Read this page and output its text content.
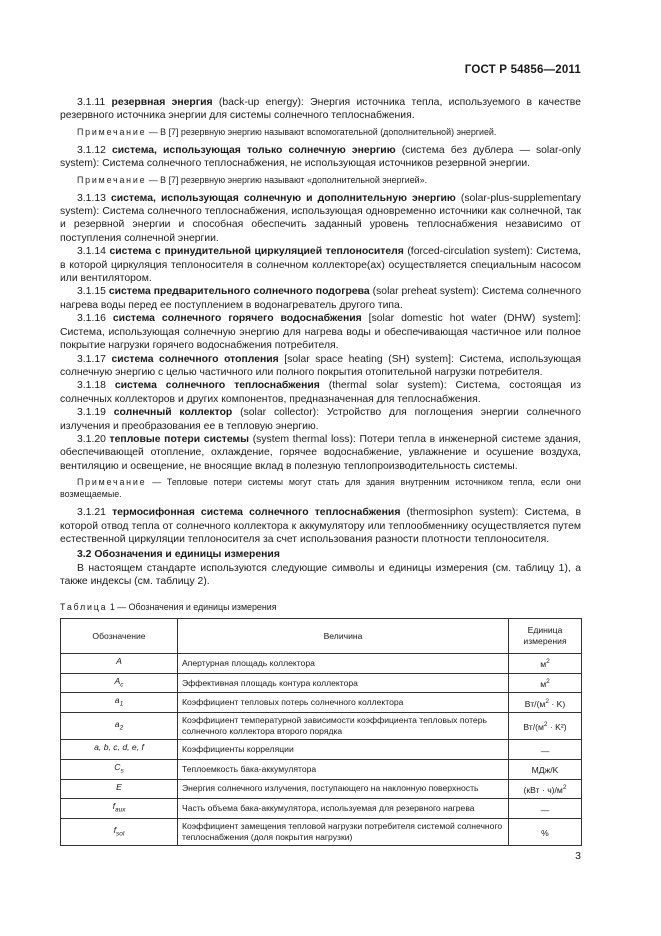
ГОСТ Р 54856—2011

3.1.11 резервная энергия (back-up energy): Энергия источника тепла, используемого в качестве резервного источника энергии для системы солнечного теплоснабжения.

Примечание — В [7] резервную энергию называют вспомогательной (дополнительной) энергией.

3.1.12 система, использующая только солнечную энергию (система без дублера — solar-only system): Система солнечного теплоснабжения, не использующая источников резервной энергии.

Примечание — В [7] резервную энергию называют «дополнительной энергией».

3.1.13 система, использующая солнечную и дополнительную энергию (solar-plus-supplementary system): Система солнечного теплоснабжения, использующая одновременно источники как солнечной, так и резервной энергии и способная обеспечить заданный уровень теплоснабжения независимо от поступления солнечной энергии.

3.1.14 система с принудительной циркуляцией теплоносителя (forced-circulation system): Система, в которой циркуляция теплоносителя в солнечном коллекторе(ах) осуществляется специальным насосом или вентилятором.

3.1.15 система предварительного солнечного подогрева (solar preheat system): Система солнечного нагрева воды перед ее поступлением в водонагреватель другого типа.

3.1.16 система солнечного горячего водоснабжения [solar domestic hot water (DHW) system]: Система, использующая солнечную энергию для нагрева воды и обеспечивающая частичное или полное покрытие нагрузки горячего водоснабжения потребителя.

3.1.17 система солнечного отопления [solar space heating (SH) system]: Система, использующая солнечную энергию с целью частичного или полного покрытия отопительной нагрузки потребителя.

3.1.18 система солнечного теплоснабжения (thermal solar system): Система, состоящая из солнечных коллекторов и других компонентов, предназначенная для теплоснабжения.

3.1.19 солнечный коллектор (solar collector): Устройство для поглощения энергии солнечного излучения и преобразования ее в тепловую энергию.

3.1.20 тепловые потери системы (system thermal loss): Потери тепла в инженерной системе здания, обеспечивающей отопление, охлаждение, горячее водоснабжение, увлажнение и осушение воздуха, вентиляцию и освещение, не вносящие вклад в полезную теплопроизводительность системы.

Примечание — Тепловые потери системы могут стать для здания внутренним источником тепла, если они возмещаемые.

3.1.21 термосифонная система солнечного теплоснабжения (thermosiphon system): Система, в которой отвод тепла от солнечного коллектора к аккумулятору или теплообменнику осуществляется путем естественной циркуляции теплоносителя за счет использования разности плотности теплоносителя.

3.2 Обозначения и единицы измерения

В настоящем стандарте используются следующие символы и единицы измерения (см. таблицу 1), а также индексы (см. таблицу 2).

Таблица 1 — Обозначения и единицы измерения

Обозначение	Величина	Единица измерения
A	Апертурная площадь коллектора	$м^2$
$A_c$	Эффективная площадь контура коллектора	$м^2$
$a_1$	Коэффициент тепловых потерь солнечного коллектора	$Вт/(м^2 \cdot K)$
$a_2$	Коэффициент температурной зависимости коэффициента тепловых потерь солнечного коллектора второго порядка	$Вт/(м^2 \cdot K^2)$
a, b, c, d, e, f	Коэффициенты корреляции	—
$C_s$	Теплоемкость бака-аккумулятора	МДж/K
E	Энергия солнечного излучения, поступающего на наклонную поверхность	$(кВт \cdot ч)/м^2$
$f_{aux}$	Часть объема бака-аккумулятора, используемая для резервного нагрева	—
$f_{sol}$	Коэффициент замещения тепловой нагрузки потребителя системой солнечного теплоснабжения (доля покрытия нагрузки)	%
3
